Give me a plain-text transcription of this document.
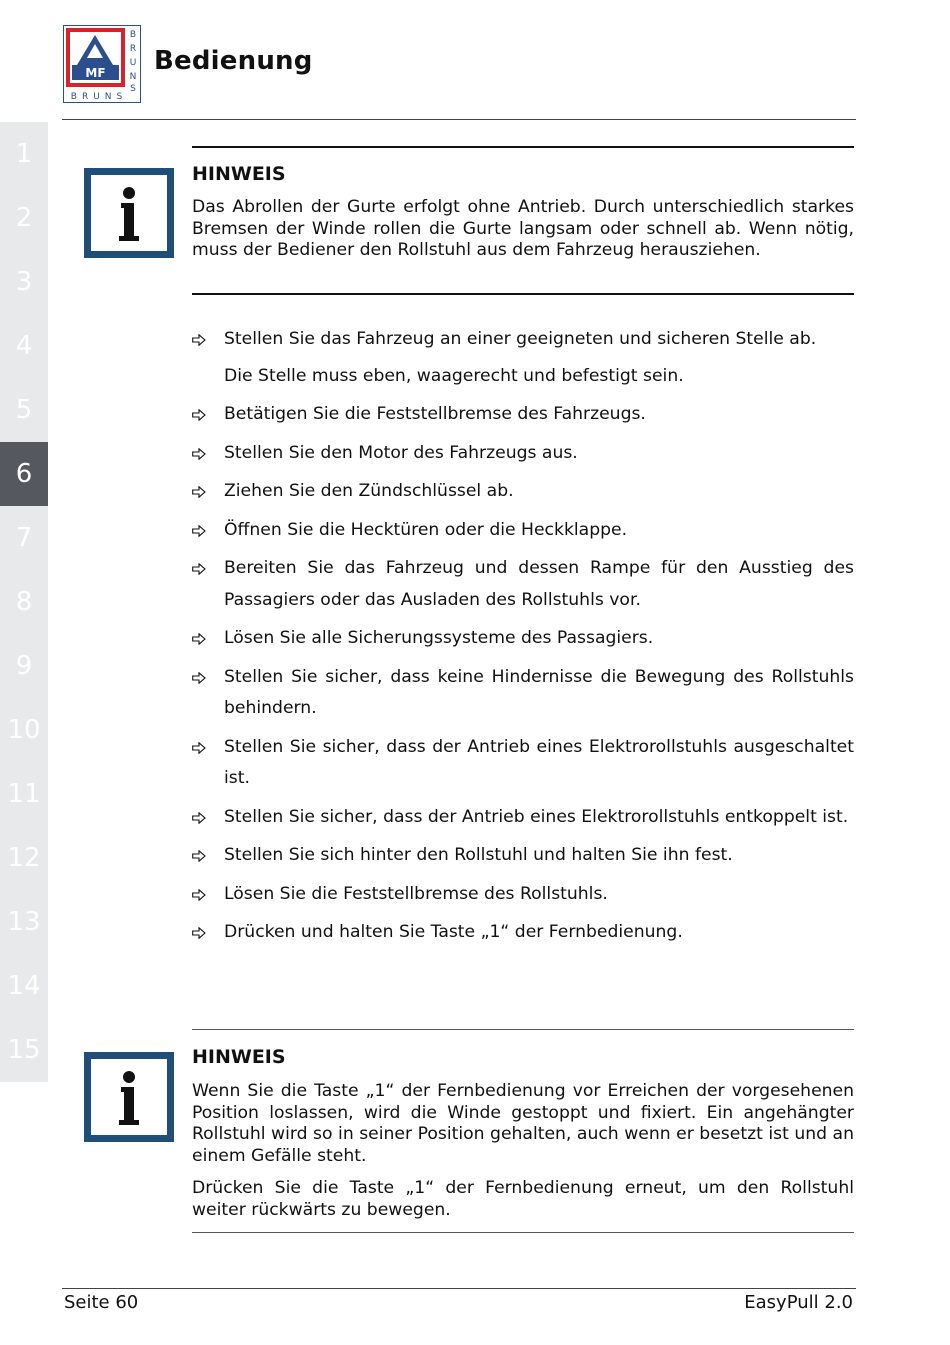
MF
B
R
U
N
S
BRUNS
Bedienung
1
2
3
4
5
6
7
8
9
10
11
12
13
14
15
HINWEIS
Das Abrollen der Gurte erfolgt ohne Antrieb. Durch unterschiedlich starkes Bremsen der Winde rollen die Gurte langsam oder schnell ab. Wenn nötig, muss der Bediener den Rollstuhl aus dem Fahrzeug herausziehen.
Stellen Sie das Fahrzeug an einer geeigneten und sicheren Stelle ab.
Die Stelle muss eben, waagerecht und befestigt sein.
Betätigen Sie die Feststellbremse des Fahrzeugs.
Stellen Sie den Motor des Fahrzeugs aus.
Ziehen Sie den Zündschlüssel ab.
Öffnen Sie die Hecktüren oder die Heckklappe.
Bereiten Sie das Fahrzeug und dessen Rampe für den Ausstieg des Passagiers oder das Ausladen des Rollstuhls vor.
Lösen Sie alle Sicherungssysteme des Passagiers.
Stellen Sie sicher, dass keine Hindernisse die Bewegung des Rollstuhls behindern.
Stellen Sie sicher, dass der Antrieb eines Elektrorollstuhls ausgeschaltet ist.
Stellen Sie sicher, dass der Antrieb eines Elektrorollstuhls entkoppelt ist.
Stellen Sie sich hinter den Rollstuhl und halten Sie ihn fest.
Lösen Sie die Feststellbremse des Rollstuhls.
Drücken und halten Sie Taste „1“ der Fernbedienung.
HINWEIS
Wenn Sie die Taste „1“ der Fernbedienung vor Erreichen der vorgesehenen Position loslassen, wird die Winde gestoppt und fixiert. Ein angehängter Rollstuhl wird so in seiner Position gehalten, auch wenn er besetzt ist und an einem Gefälle steht.
Drücken Sie die Taste „1“ der Fernbedienung erneut, um den Rollstuhl weiter rückwärts zu bewegen.
Seite 60	EasyPull 2.0
